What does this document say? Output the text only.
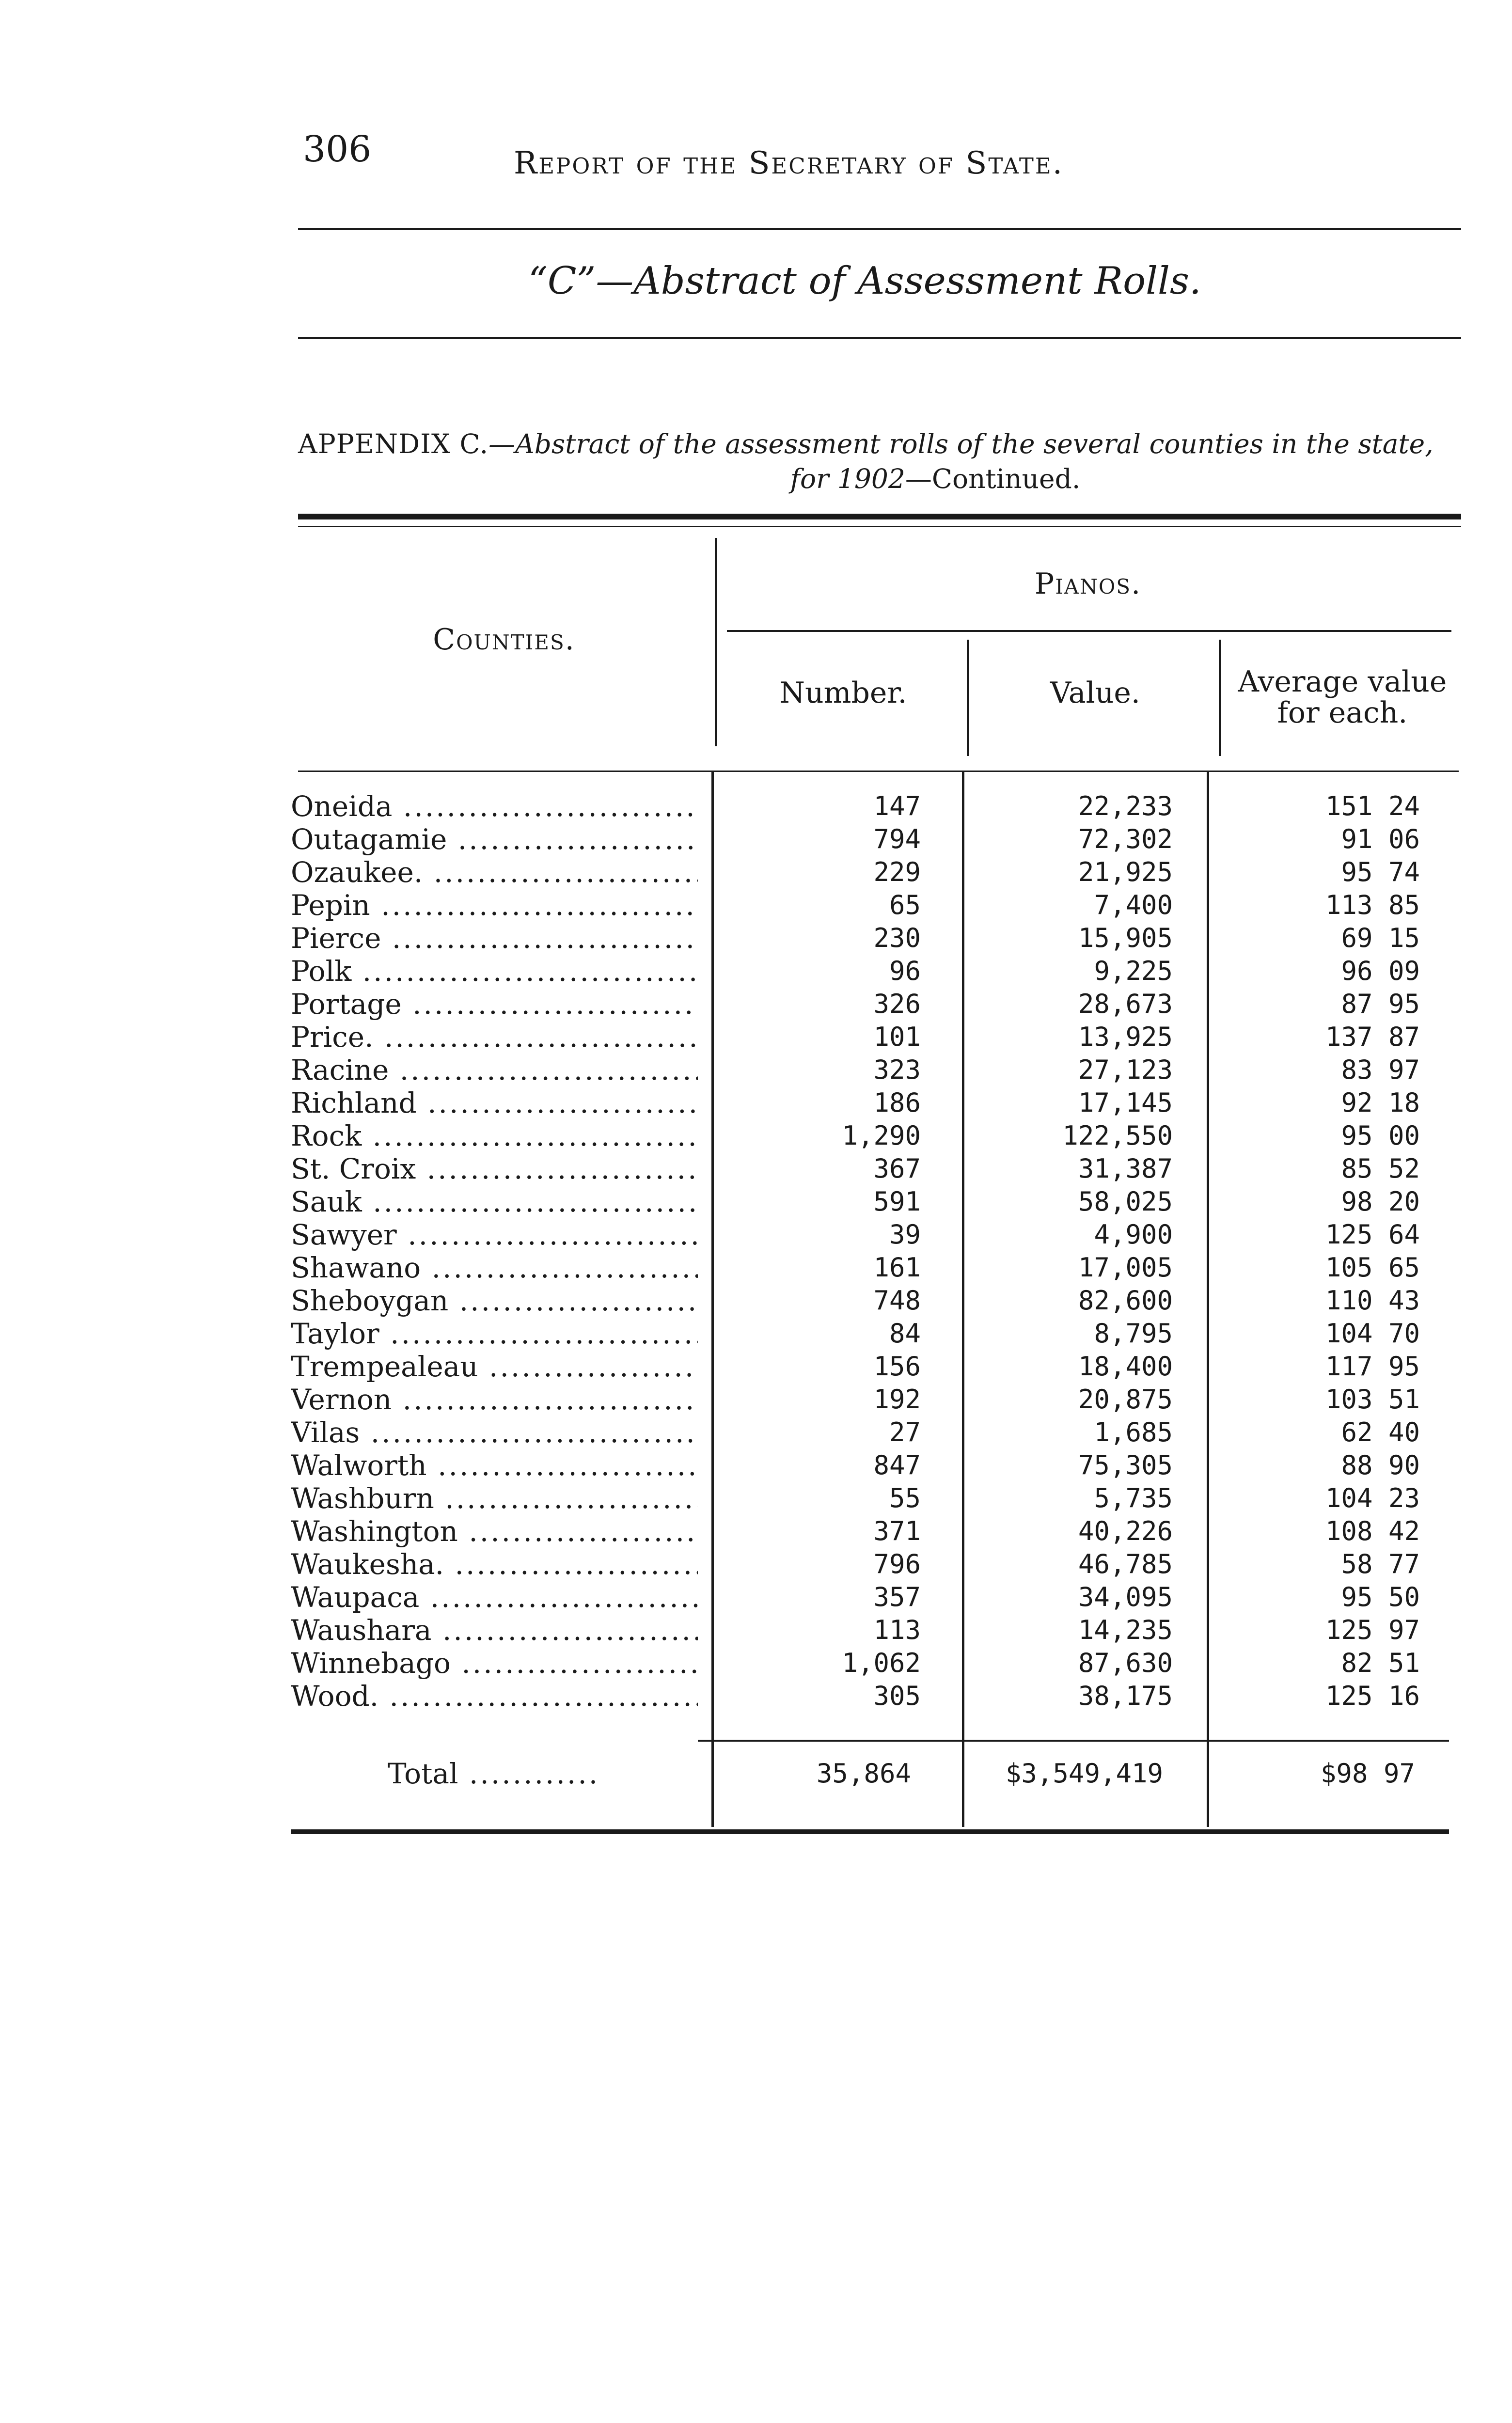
306	Report of the Secretary of State.
“C”—Abstract of Assessment Rolls.
APPENDIX C.—Abstract of the assessment rolls of the several counties in the state,
for 1902—Continued.
Counties.
Pianos.
Number.	Value.	Average value for each.
Oneida .....	147	22,233	151 24
Outagamie .....	794	72,302	91 06
Ozaukee. .....	229	21,925	95 74
Pepin .....	65	7,400	113 85
Pierce .....	230	15,905	69 15
Polk .....	96	9,225	96 09
Portage .....	326	28,673	87 95
Price. .....	101	13,925	137 87
Racine .....	323	27,123	83 97
Richland .....	186	17,145	92 18
Rock .....	1,290	122,550	95 00
St. Croix .....	367	31,387	85 52
Sauk .....	591	58,025	98 20
Sawyer .....	39	4,900	125 64
Shawano .....	161	17,005	105 65
Sheboygan .....	748	82,600	110 43
Taylor .....	84	8,795	104 70
Trempealeau .....	156	18,400	117 95
Vernon .....	192	20,875	103 51
Vilas .....	27	1,685	62 40
Walworth .....	847	75,305	88 90
Washburn .....	55	5,735	104 23
Washington .....	371	40,226	108 42
Waukesha. .....	796	46,785	58 77
Waupaca .....	357	34,095	95 50
Waushara .....	113	14,235	125 97
Winnebago .....	1,062	87,630	82 51
Wood. .....	305	38,175	125 16
Total .....	35,864	$3,549,419	$98 97
